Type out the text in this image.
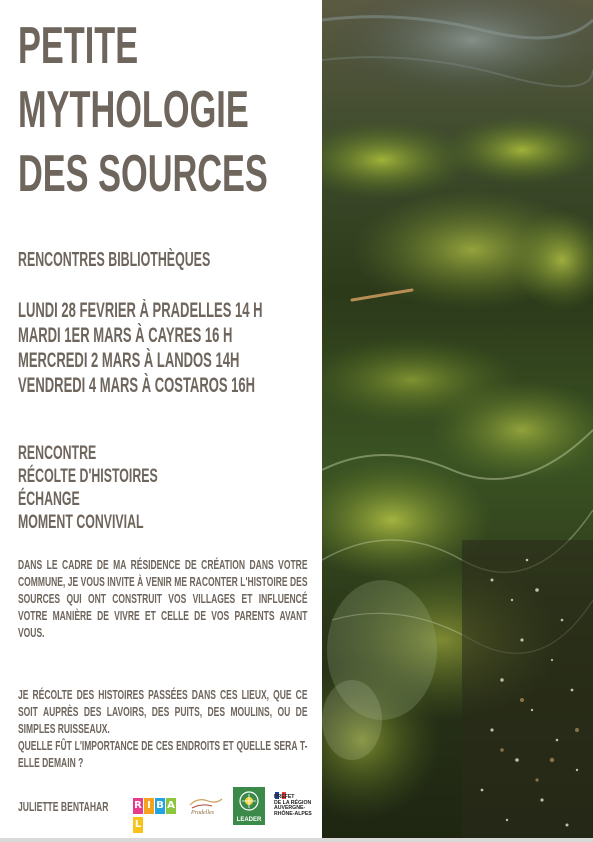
PETITE
MYTHOLOGIE
DES SOURCES
RENCONTRES BIBLIOTHÈQUES
LUNDI 28 FEVRIER À PRADELLES 14 H
MARDI 1ER MARS À CAYRES 16 H
MERCREDI 2 MARS À LANDOS 14H
VENDREDI 4 MARS À COSTAROS 16H
RENCONTRE
RÉCOLTE D'HISTOIRES
ÉCHANGE
MOMENT CONVIVIAL
DANS LE CADRE DE MA RÉSIDENCE DE CRÉATION DANS VOTRE COMMUNE, JE VOUS INVITE À VENIR ME RACONTER L'HISTOIRE DES SOURCES QUI ONT CONSTRUIT VOS VILLAGES ET INFLUENCÉ VOTRE MANIÈRE DE VIVRE ET CELLE DE VOS PARENTS AVANT VOUS.
JE RÉCOLTE DES HISTOIRES PASSÉES DANS CES LIEUX, QUE CE SOIT AUPRÈS DES LAVOIRS, DES PUITS, DES MOULINS, OU DE SIMPLES RUISSEAUX.
QUELLE FÛT L'IMPORTANCE DE CES ENDROITS ET QUELLE SERA T-ELLE DEMAIN ?
JULIETTE BENTAHAR	R I B AL
Pradelles
LEADER
PRÉFET
DE LA RÉGION
AUVERGNE-
RHÔNE-ALPES
